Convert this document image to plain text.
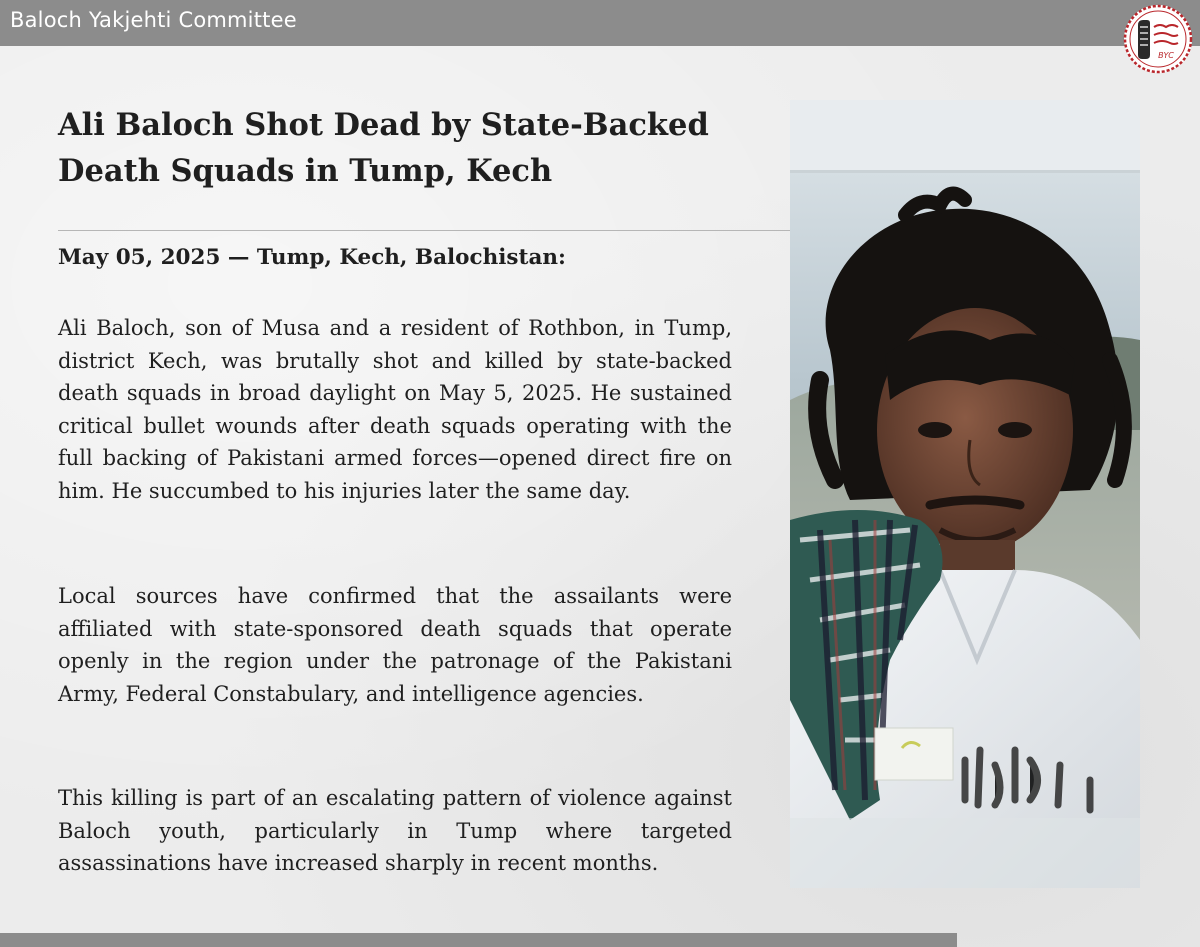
Baloch Yakjehti Committee
BYC
Ali Baloch Shot Dead by State-Backed
Death Squads in Tump, Kech

May 05, 2025 — Tump, Kech, Balochistan:

Ali Baloch, son of Musa and a resident of Rothbon, in Tump, district Kech, was brutally shot and killed by state-backed death squads in broad daylight on May 5, 2025. He sustained critical bullet wounds after death squads operating with the full backing of Pakistani armed forces—opened direct fire on him. He succumbed to his injuries later the same day.

Local sources have confirmed that the assailants were affiliated with state-sponsored death squads that operate openly in the region under the patronage of the Pakistani Army, Federal Constabulary, and intelligence agencies.

This killing is part of an escalating pattern of violence against Baloch youth, particularly in Tump where targeted assassinations have increased sharply in recent months.
